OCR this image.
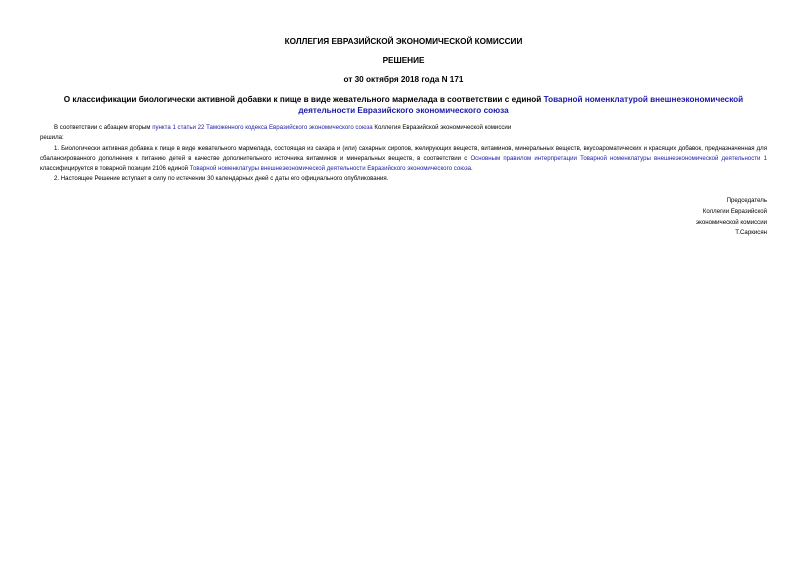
КОЛЛЕГИЯ ЕВРАЗИЙСКОЙ ЭКОНОМИЧЕСКОЙ КОМИССИИ
РЕШЕНИЕ
от 30 октября 2018 года N 171
О классификации биологически активной добавки к пище в виде жевательного мармелада в соответствии с единой Товарной номенклатурой внешнеэкономической деятельности Евразийского экономического союза

В соответствии с абзацем вторым пункта 1 статьи 22 Таможенного кодекса Евразийского экономического союза Коллегия Евразийской экономической комиссии

решила:

1. Биологически активная добавка к пище в виде жевательного мармелада, состоящая из сахара и (или) сахарных сиропов, желирующих веществ, витаминов, минеральных веществ, вкусоароматических и красящих добавок, предназначенная для сбалансированного дополнения к питанию детей в качестве дополнительного источника витаминов и минеральных веществ, в соответствии с Основным правилом интерпретации Товарной номенклатуры внешнеэкономической деятельности 1 классифицируется в товарной позиции 2106 единой Товарной номенклатуры внешнеэкономической деятельности Евразийского экономического союза.

2. Настоящее Решение вступает в силу по истечении 30 календарных дней с даты его официального опубликования.

Председатель
Коллегии Евразийской
экономической комиссии
Т.Саркисян
